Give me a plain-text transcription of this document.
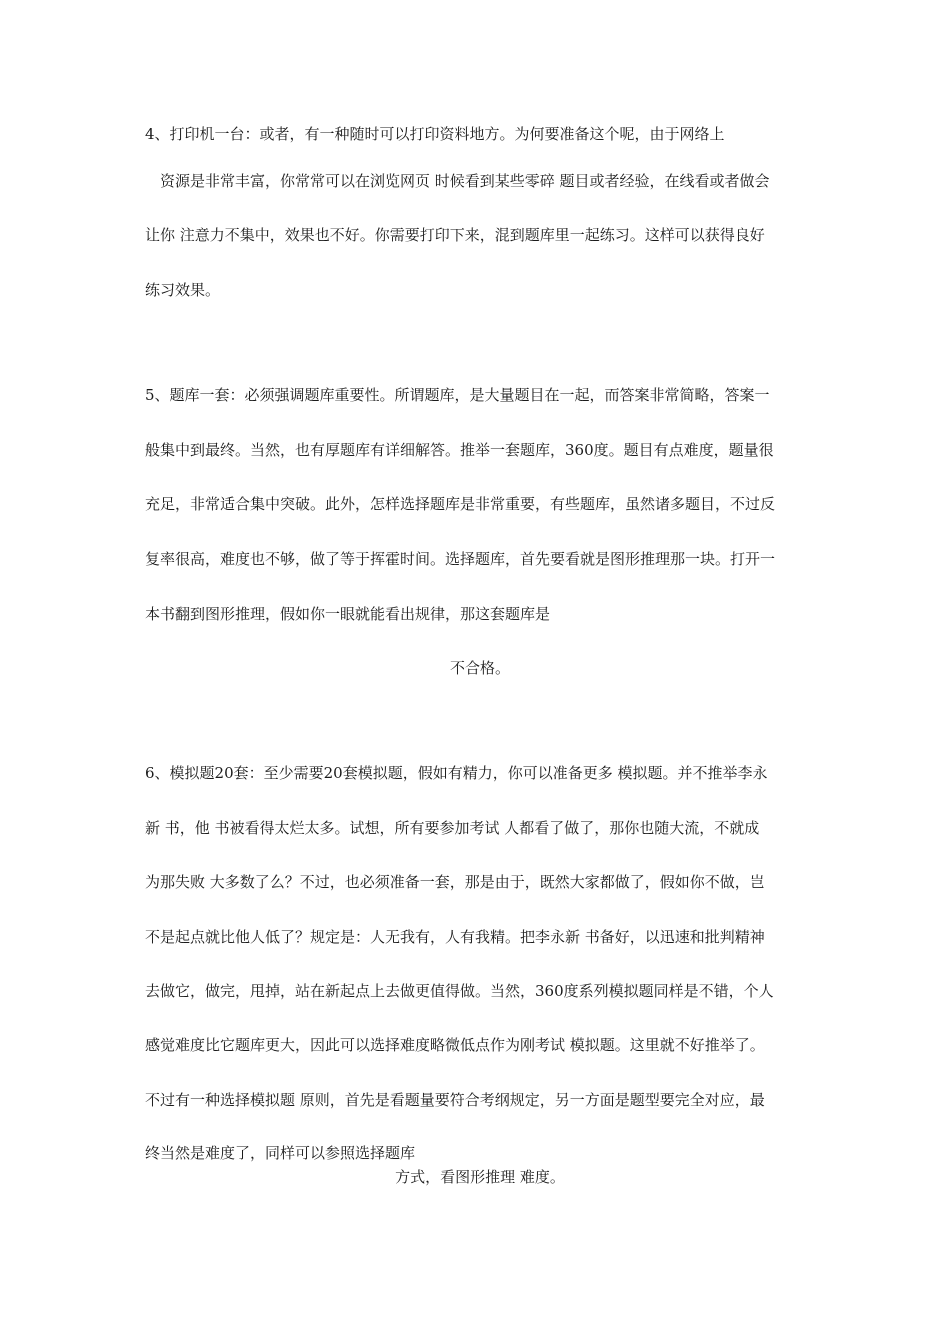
4、打印机一台：或者，有一种随时可以打印资料地方。为何要准备这个呢，由于网络上
资源是非常丰富，你常常可以在浏览网页 时候看到某些零碎 题目或者经验，在线看或者做会
让你 注意力不集中，效果也不好。你需要打印下来，混到题库里一起练习。这样可以获得良好
练习效果。
5、题库一套：必须强调题库重要性。所谓题库，是大量题目在一起，而答案非常简略，答案一
般集中到最终。当然，也有厚题库有详细解答。推举一套题库，360度。题目有点难度，题量很
充足，非常适合集中突破。此外，怎样选择题库是非常重要，有些题库，虽然诸多题目，不过反
复率很高，难度也不够，做了等于挥霍时间。选择题库，首先要看就是图形推理那一块。打开一
本书翻到图形推理，假如你一眼就能看出规律，那这套题库是
不合格。
6、模拟题20套：至少需要20套模拟题，假如有精力，你可以准备更多 模拟题。并不推举李永
新 书，他 书被看得太烂太多。试想，所有要参加考试 人都看了做了，那你也随大流，不就成
为那失败 大多数了么？不过，也必须准备一套，那是由于，既然大家都做了，假如你不做，岂
不是起点就比他人低了？规定是：人无我有，人有我精。把李永新 书备好，以迅速和批判精神
去做它，做完，甩掉，站在新起点上去做更值得做。当然，360度系列模拟题同样是不错，个人
感觉难度比它题库更大，因此可以选择难度略微低点作为刚考试 模拟题。这里就不好推举了。
不过有一种选择模拟题 原则，首先是看题量要符合考纲规定，另一方面是题型要完全对应，最
终当然是难度了，同样可以参照选择题库
方式，看图形推理 难度。
